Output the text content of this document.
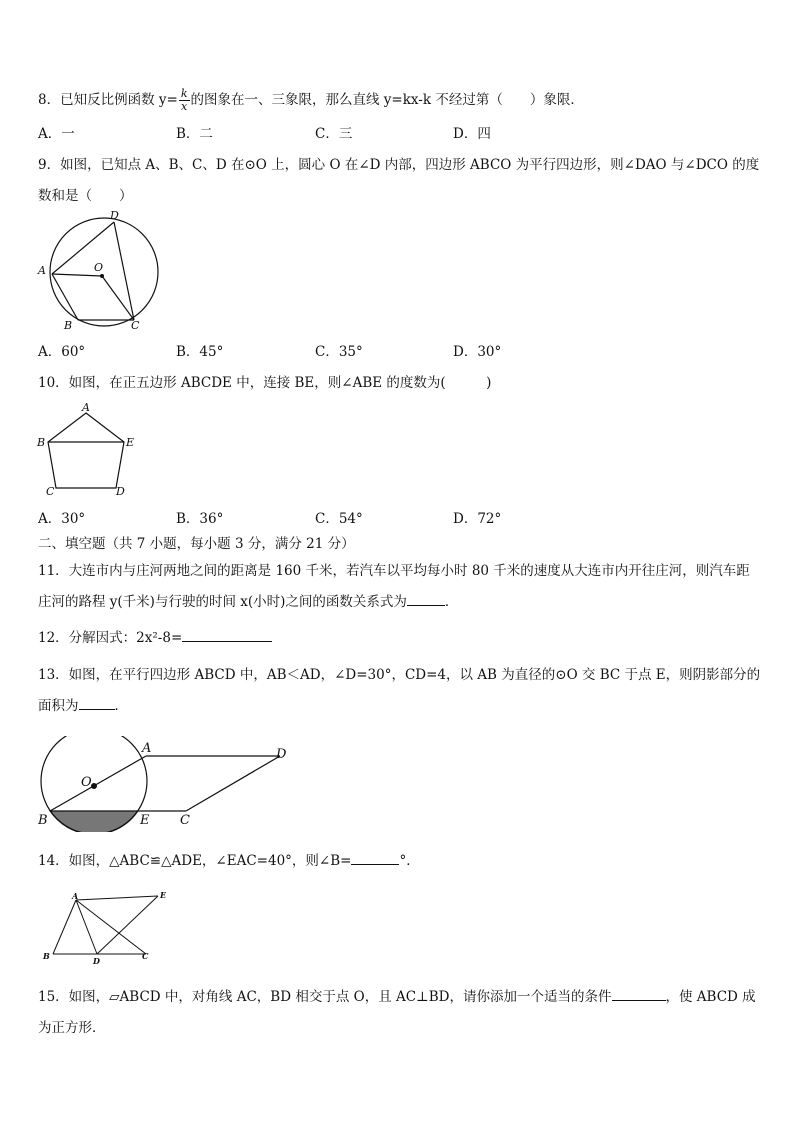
8．已知反比例函数 $y= \frac{k}{x}$ 的图象在一、三象限，那么直线 y=kx-k 不经过第（　　）象限．
A．一	B．二	C．三	D．四
9．如图，已知点 A、B、C、D 在⊙O 上，圆心 O 在∠D 内部，四边形 ABCO 为平行四边形，则∠DAO 与∠DCO 的度
数和是（　　）
D
A	O
B	C
A．60°	B．45°	C．35°	D．30°
10．如图，在正五边形 ABCDE 中，连接 BE，则∠ABE 的度数为(　　　)
A
B	E
C	D
A．30°	B．36°	C．54°	D．72°
二、填空题（共 7 小题，每小题 3 分，满分 21 分）
11．大连市内与庄河两地之间的距离是 160 千米，若汽车以平均每小时 80 千米的速度从大连市内开往庄河，则汽车距
庄河的路程 y(千米)与行驶的时间 x(小时)之间的函数关系式为	．
12．分解因式：2x²-8=
13．如图，在平行四边形 ABCD 中，AB＜AD，∠D=30°，CD=4，以 AB 为直径的⊙O 交 BC 于点 E，则阴影部分的
面积为	．
A	D
O
B	E C
14．如图，△ABC≌△ADE，∠EAC=40°，则∠B=	°．
A	E
B	D	C
15．如图，▱ABCD 中，对角线 AC，BD 相交于点 O，且 AC⊥BD，请你添加一个适当的条件	，使 ABCD 成
为正方形．
